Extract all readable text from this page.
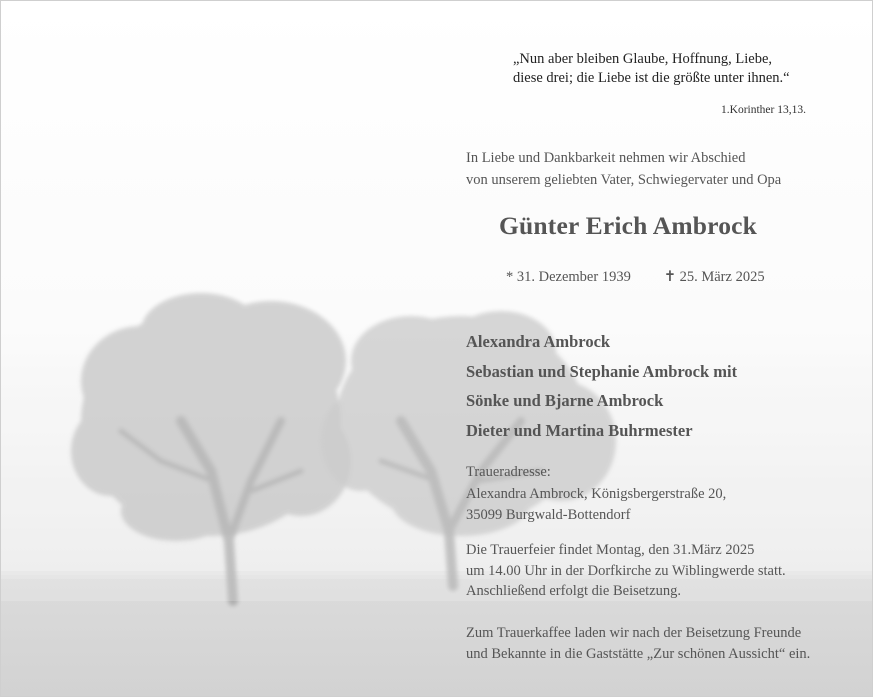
„Nun aber bleiben Glaube, Hoffnung, Liebe,
diese drei; die Liebe ist die größte unter ihnen.“
1.Korinther 13,13.
In Liebe und Dankbarkeit nehmen wir Abschied
von unserem geliebten Vater, Schwiegervater und Opa
Günter Erich Ambrock
* 31. Dezember 1939 ✝ 25. März 2025
Alexandra Ambrock
Sebastian und Stephanie Ambrock mit
Sönke und Bjarne Ambrock
Dieter und Martina Buhrmester
Traueradresse:
Alexandra Ambrock, Königsbergerstraße 20,
35099 Burgwald-Bottendorf
Die Trauerfeier findet Montag, den 31.März 2025
um 14.00 Uhr in der Dorfkirche zu Wiblingwerde statt.
Anschließend erfolgt die Beisetzung.
Zum Trauerkaffee laden wir nach der Beisetzung Freunde
und Bekannte in die Gaststätte „Zur schönen Aussicht“ ein.
